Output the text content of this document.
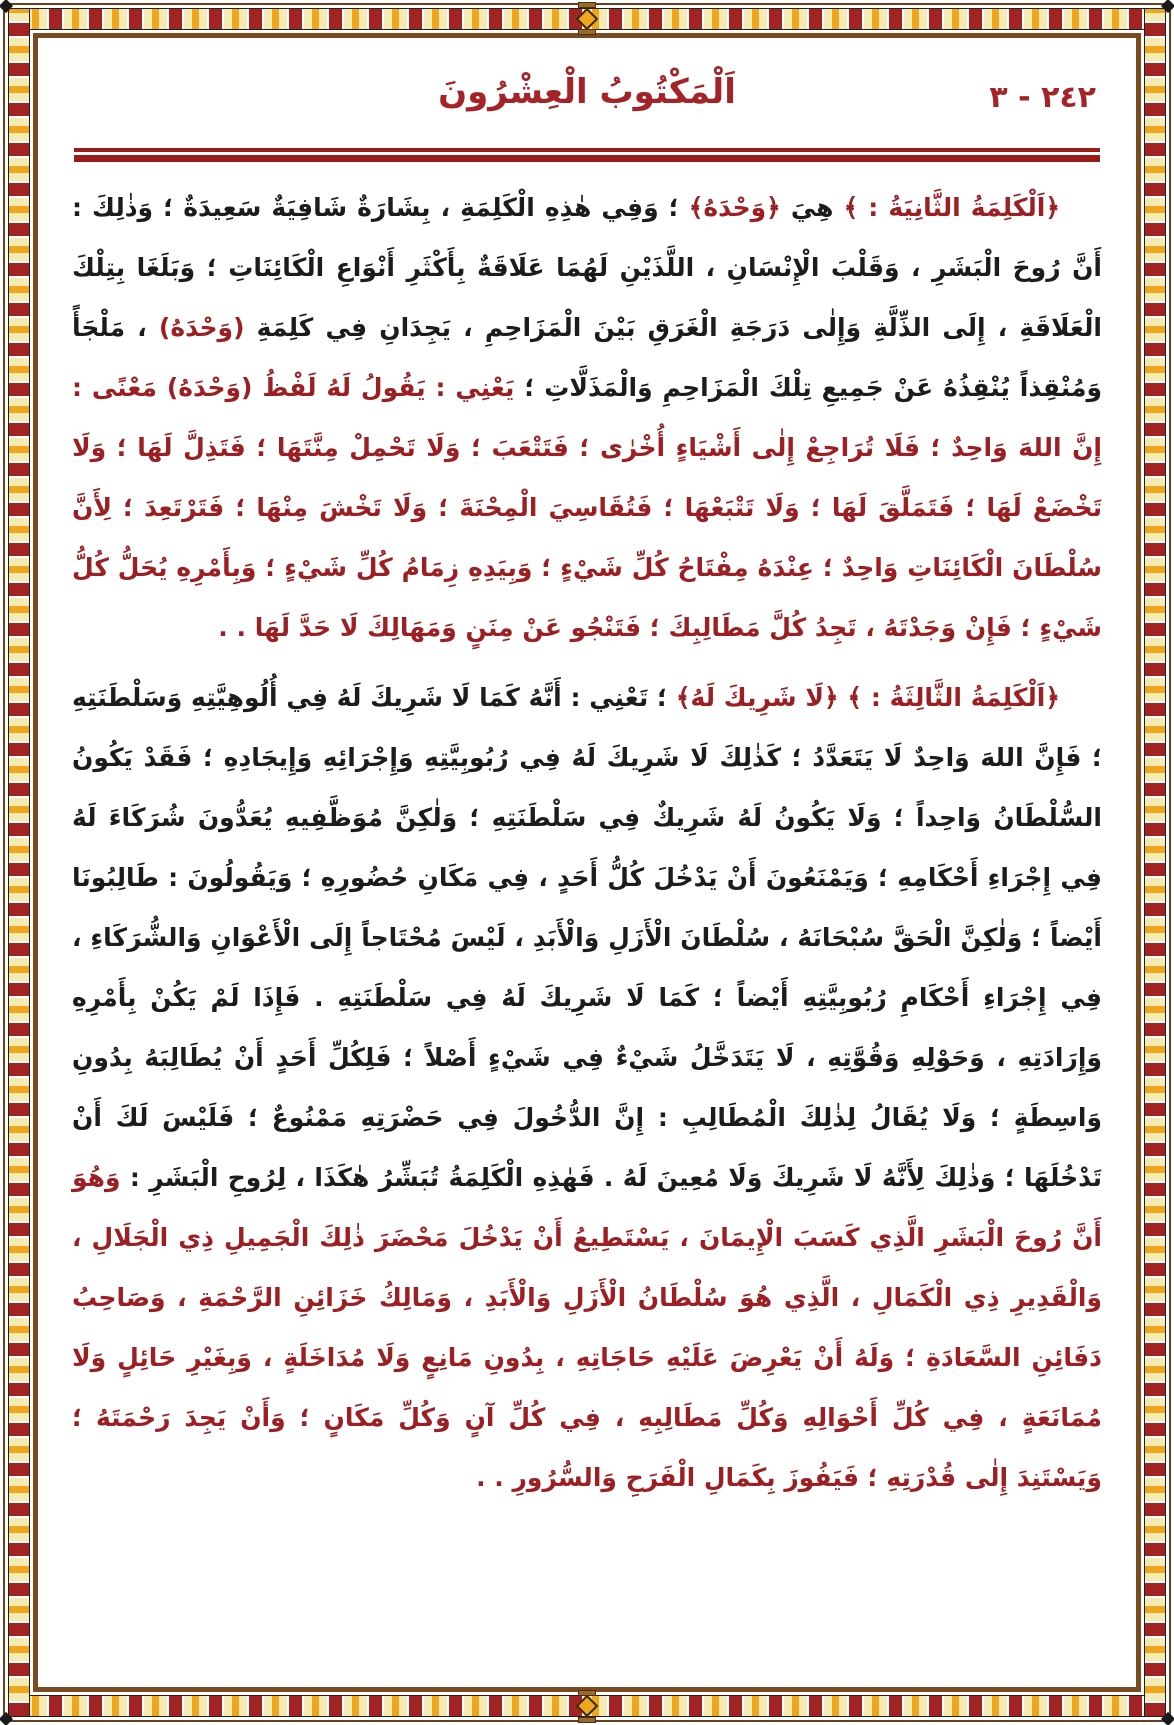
٢٤٢ - ٣
اَلْمَكْتُوبُ الْعِشْرُونَ

﴿اَلْكَلِمَةُ الثَّانِيَةُ : ﴾ هِيَ ﴿وَحْدَهُ﴾ ؛ وَفِي هٰذِهِ الْكَلِمَةِ ، بِشَارَةٌ شَافِيَةٌ سَعِيدَةٌ ؛ وَذٰلِكَ : أَنَّ رُوحَ الْبَشَرِ ، وَقَلْبَ الْإِنْسَانِ ، اللَّذَيْنِ لَهُمَا عَلَاقَةٌ بِأَكْثَرِ أَنْوَاعِ الْكَائِنَاتِ ؛ وَبَلَغَا بِتِلْكَ الْعَلَاقَةِ ، إِلَى الذِّلَّةِ وَإِلٰى دَرَجَةِ الْغَرَقِ بَيْنَ الْمَزَاحِمِ ، يَجِدَانِ فِي كَلِمَةِ (وَحْدَهُ) ، مَلْجَأً وَمُنْقِذاً يُنْقِذُهُ عَنْ جَمِيعِ تِلْكَ الْمَزَاحِمِ وَالْمَذَلَّاتِ ؛ يَعْنِي : يَقُولُ لَهُ لَفْظُ (وَحْدَهُ) مَعْنًى : إِنَّ اللهَ وَاحِدٌ ؛ فَلَا تُرَاجِعْ إِلٰى أَشْيَاءٍ أُخْرٰى ؛ فَتَتْعَبَ ؛ وَلَا تَحْمِلْ مِنَّتَهَا ؛ فَتَذِلَّ لَهَا ؛ وَلَا تَخْضَعْ لَهَا ؛ فَتَمَلَّقَ لَهَا ؛ وَلَا تَتْبَعْهَا ؛ فَتُقَاسِيَ الْمِحْنَةَ ؛ وَلَا تَخْشَ مِنْهَا ؛ فَتَرْتَعِدَ ؛ لِأَنَّ سُلْطَانَ الْكَائِنَاتِ وَاحِدٌ ؛ عِنْدَهُ مِفْتَاحُ كُلِّ شَيْءٍ ؛ وَبِيَدِهِ زِمَامُ كُلِّ شَيْءٍ ؛ وَبِأَمْرِهِ يُحَلُّ كُلُّ شَيْءٍ ؛ فَإِنْ وَجَدْتَهُ ، تَجِدُ كُلَّ مَطَالِبِكَ ؛ فَتَنْجُو عَنْ مِنَنٍ وَمَهَالِكَ لَا حَدَّ لَهَا . .

﴿اَلْكَلِمَةُ الثَّالِثَةُ : ﴾ ﴿لَا شَرِيكَ لَهُ﴾ ؛ تَعْنِي : أَنَّهُ كَمَا لَا شَرِيكَ لَهُ فِي أُلُوهِيَّتِهِ وَسَلْطَنَتِهِ ؛ فَإِنَّ اللهَ وَاحِدٌ لَا يَتَعَدَّدُ ؛ كَذٰلِكَ لَا شَرِيكَ لَهُ فِي رُبُوبِيَّتِهِ وَإِجْرَائِهِ وَإِيجَادِهِ ؛ فَقَدْ يَكُونُ السُّلْطَانُ وَاحِداً ؛ وَلَا يَكُونُ لَهُ شَرِيكٌ فِي سَلْطَنَتِهِ ؛ وَلٰكِنَّ مُوَظَّفِيهِ يُعَدُّونَ شُرَكَاءَ لَهُ فِي إِجْرَاءِ أَحْكَامِهِ ؛ وَيَمْنَعُونَ أَنْ يَدْخُلَ كُلُّ أَحَدٍ ، فِي مَكَانِ حُضُورِهِ ؛ وَيَقُولُونَ : طَالِبُونَا أَيْضاً ؛ وَلٰكِنَّ الْحَقَّ سُبْحَانَهُ ، سُلْطَانَ الْأَزَلِ وَالْأَبَدِ ، لَيْسَ مُحْتَاجاً إِلَى الْأَعْوَانِ وَالشُّرَكَاءِ ، فِي إِجْرَاءِ أَحْكَامِ رُبُوبِيَّتِهِ أَيْضاً ؛ كَمَا لَا شَرِيكَ لَهُ فِي سَلْطَنَتِهِ . فَإِذَا لَمْ يَكُنْ بِأَمْرِهِ وَإِرَادَتِهِ ، وَحَوْلِهِ وَقُوَّتِهِ ، لَا يَتَدَخَّلُ شَيْءٌ فِي شَيْءٍ أَصْلاً ؛ فَلِكُلِّ أَحَدٍ أَنْ يُطَالِبَهُ بِدُونِ وَاسِطَةٍ ؛ وَلَا يُقَالُ لِذٰلِكَ الْمُطَالِبِ : إِنَّ الدُّخُولَ فِي حَضْرَتِهِ مَمْنُوعٌ ؛ فَلَيْسَ لَكَ أَنْ تَدْخُلَهَا ؛ وَذٰلِكَ لِأَنَّهُ لَا شَرِيكَ وَلَا مُعِينَ لَهُ . فَهٰذِهِ الْكَلِمَةُ تُبَشِّرُ هٰكَذَا ، لِرُوحِ الْبَشَرِ : وَهُوَ أَنَّ رُوحَ الْبَشَرِ الَّذِي كَسَبَ الْإِيمَانَ ، يَسْتَطِيعُ أَنْ يَدْخُلَ مَحْضَرَ ذٰلِكَ الْجَمِيلِ ذِي الْجَلَالِ ، وَالْقَدِيرِ ذِي الْكَمَالِ ، الَّذِي هُوَ سُلْطَانُ الْأَزَلِ وَالْأَبَدِ ، وَمَالِكُ خَزَائِنِ الرَّحْمَةِ ، وَصَاحِبُ دَفَائِنِ السَّعَادَةِ ؛ وَلَهُ أَنْ يَعْرِضَ عَلَيْهِ حَاجَاتِهِ ، بِدُونِ مَانِعٍ وَلَا مُدَاخَلَةٍ ، وَبِغَيْرِ حَائِلٍ وَلَا مُمَانَعَةٍ ، فِي كُلِّ أَحْوَالِهِ وَكُلِّ مَطَالِبِهِ ، فِي كُلِّ آنٍ وَكُلِّ مَكَانٍ ؛ وَأَنْ يَجِدَ رَحْمَتَهُ ؛ وَيَسْتَنِدَ إِلٰى قُدْرَتِهِ ؛ فَيَفُوزَ بِكَمَالِ الْفَرَحِ وَالسُّرُورِ . .
